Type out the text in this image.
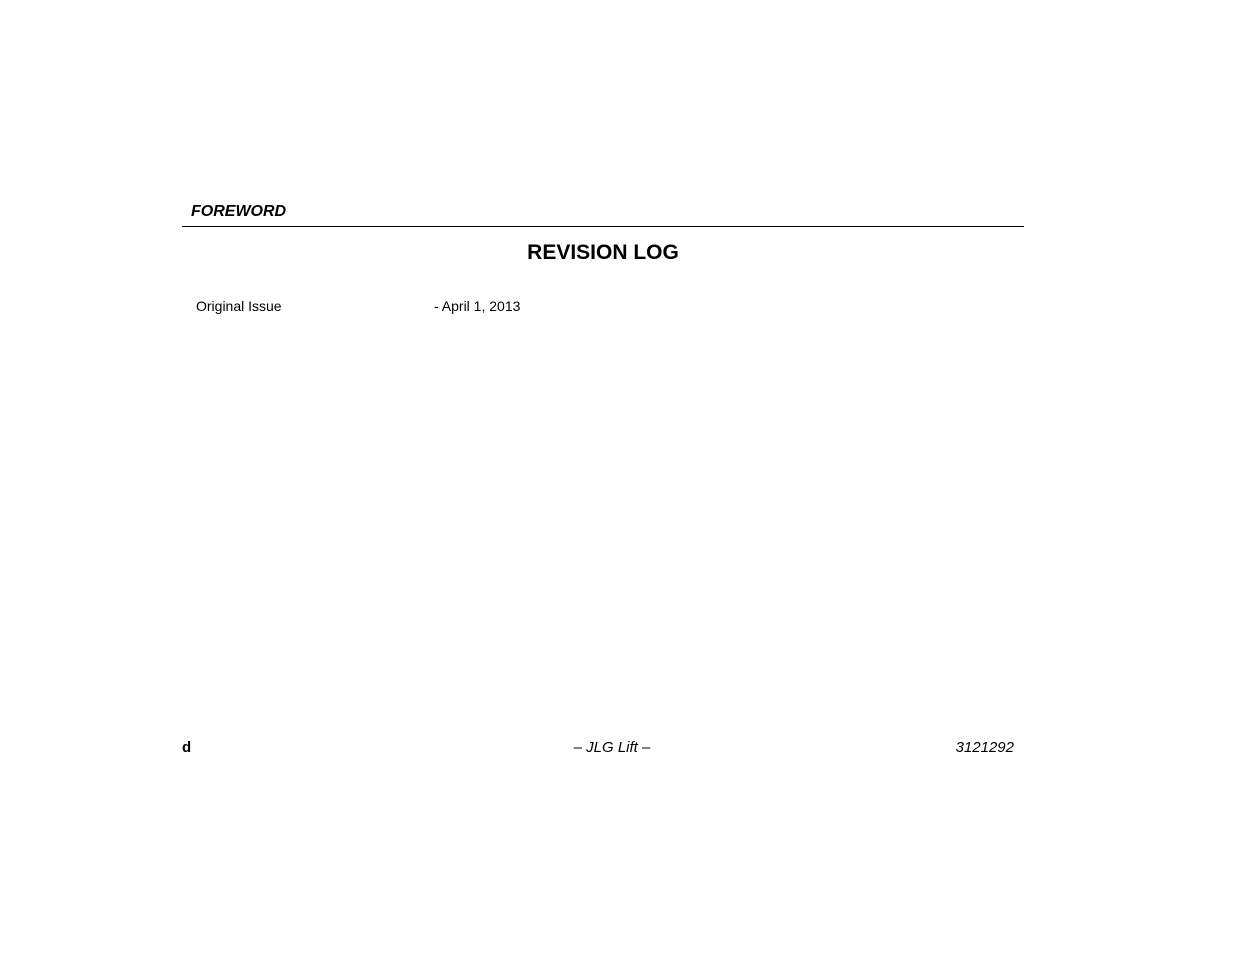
FOREWORD
REVISION LOG
Original Issue	- April 1, 2013
d	– JLG Lift –	3121292
